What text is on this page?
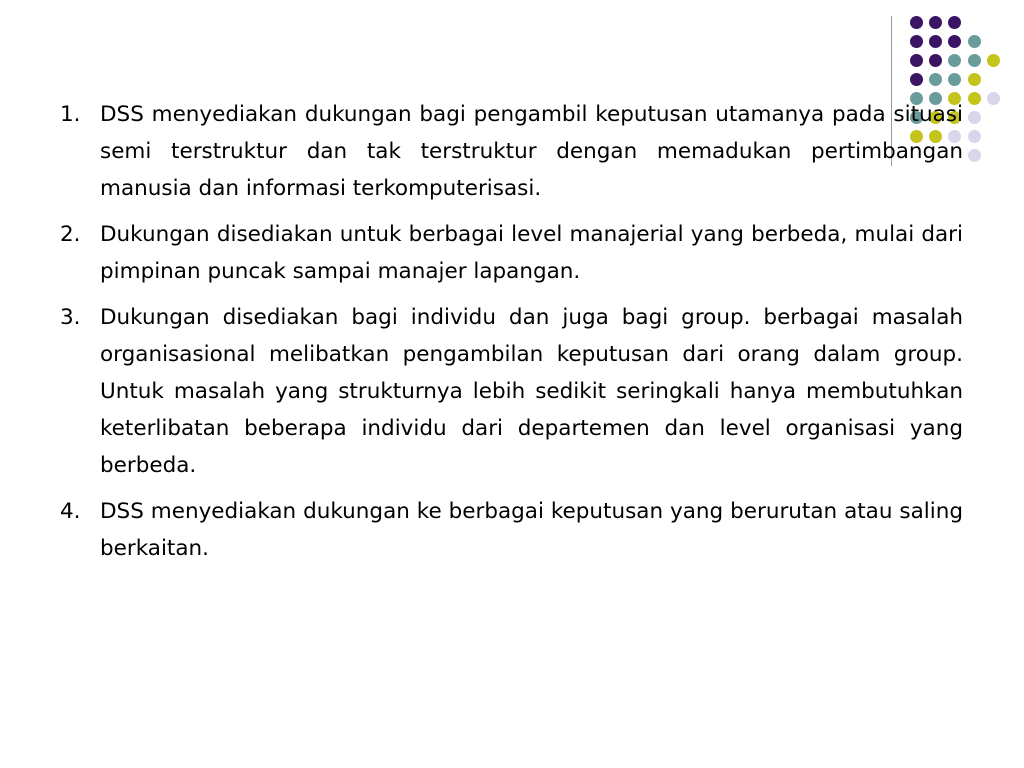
1. DSS menyediakan dukungan bagi pengambil keputusan utamanya pada situasi semi terstruktur dan tak terstruktur dengan memadukan pertimbangan manusia dan informasi terkomputerisasi.
2. Dukungan disediakan untuk berbagai level manajerial yang berbeda, mulai dari pimpinan puncak sampai manajer lapangan.
3. Dukungan disediakan bagi individu dan juga bagi group. berbagai masalah organisasional melibatkan pengambilan keputusan dari orang dalam group. Untuk masalah yang strukturnya lebih sedikit seringkali hanya membutuhkan keterlibatan beberapa individu dari departemen dan level organisasi yang berbeda.
4. DSS menyediakan dukungan ke berbagai keputusan yang berurutan atau saling berkaitan.
